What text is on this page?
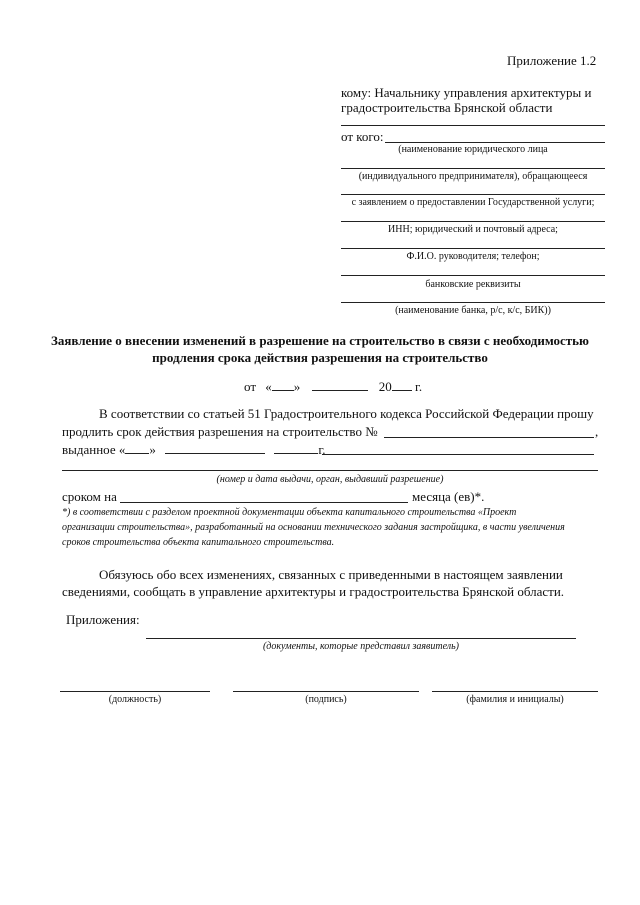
Приложение 1.2
кому: Начальнику управления архитектуры и
градостроительства Брянской области
от кого:
(наименование юридического лица
(индивидуального предпринимателя), обращающееся
с заявлением о предоставлении Государственной услуги;
ИНН; юридический и почтовый адреса;
Ф.И.О. руководителя; телефон;
банковские реквизиты
(наименование банка, р/с, к/с, БИК))
Заявление о внесении изменений в разрешение на строительство в связи с необходимостью
продления срока действия разрешения на строительство
от « »	20 г.
В соответствии со статьей 51 Градостроительного кодекса Российской Федерации прошу
продлить срок действия разрешения на строительство №	,
выданное « »	г.
(номер и дата выдачи, орган, выдавший разрешение)
сроком на	месяца (ев)*.
*) в соответствии с разделом проектной документации объекта капитального строительства «Проект
организации строительства», разработанный на основании технического задания застройщика, в части увеличения
сроков строительства объекта капитального строительства.
Обязуюсь обо всех изменениях, связанных с приведенными в настоящем заявлении
сведениями, сообщать в управление архитектуры и градостроительства Брянской области.
Приложения:
(документы, которые представил заявитель)
(должность)	(подпись)	(фамилия и инициалы)
